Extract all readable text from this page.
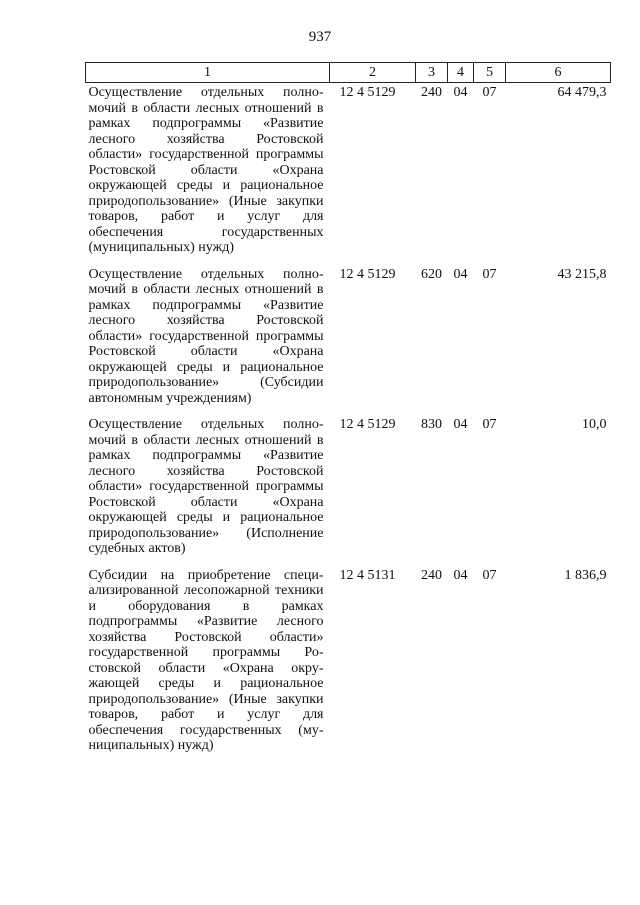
937
1	2	3	4	5	6
Осуществление отдельных полномочий в области лесных отношений в рамках подпрограммы «Развитие лесного хозяйства Ростовской области» государственной программы Ростовской области «Охрана окружающей среды и рациональное природопользование» (Иные закупки товаров, работ и услуг для обеспечения государственных (муниципальных) нужд)	12 4 5129	240	04	07	64 479,3
Осуществление отдельных полномочий в области лесных отношений в рамках подпрограммы «Развитие лесного хозяйства Ростовской области» государственной программы Ростовской области «Охрана окружающей среды и рациональное природопользование» (Субсидии автономным учреждениям)	12 4 5129	620	04	07	43 215,8
Осуществление отдельных полномочий в области лесных отношений в рамках подпрограммы «Развитие лесного хозяйства Ростовской области» государственной программы Ростовской области «Охрана окружающей среды и рациональное природопользование» (Исполнение судебных актов)	12 4 5129	830	04	07	10,0
Субсидии на приобретение специализированной лесопожарной техники и оборудования в рамках подпрограммы «Развитие лесного хозяйства Ростовской области» государственной программы Ростовской области «Охрана окружающей среды и рациональное природопользование» (Иные закупки товаров, работ и услуг для обеспечения государственных (муниципальных) нужд)	12 4 5131	240	04	07	1 836,9
